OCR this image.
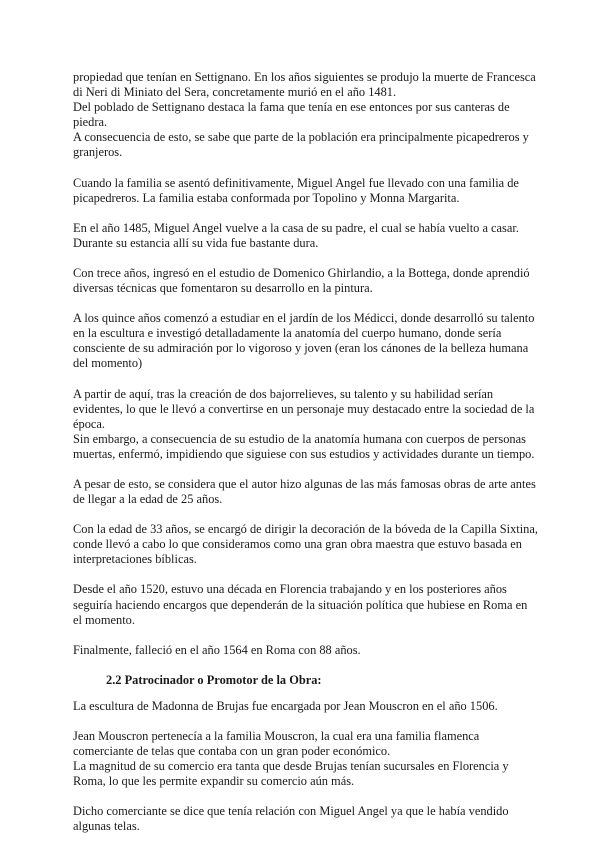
propiedad que tenían en Settignano. En los años siguientes se produjo la muerte de Francesca
di Neri di Miniato del Sera, concretamente murió en el año 1481.
Del poblado de Settignano destaca la fama que tenía en ese entonces por sus canteras de
piedra.
A consecuencia de esto, se sabe que parte de la población era principalmente picapedreros y
granjeros.
Cuando la familia se asentó definitivamente, Miguel Angel fue llevado con una familia de
picapedreros. La familia estaba conformada por Topolino y Monna Margarita.
En el año 1485, Miguel Angel vuelve a la casa de su padre, el cual se había vuelto a casar.
Durante su estancia allí su vida fue bastante dura.
Con trece años, ingresó en el estudio de Domenico Ghirlandio, a la Bottega, donde aprendió
diversas técnicas que fomentaron su desarrollo en la pintura.
A los quince años comenzó a estudiar en el jardín de los Médicci, donde desarrolló su talento
en la escultura e investigó detalladamente la anatomía del cuerpo humano, donde sería
consciente de su admiración por lo vigoroso y joven (eran los cánones de la belleza humana
del momento)
A partir de aquí, tras la creación de dos bajorrelieves, su talento y su habilidad serían
evidentes, lo que le llevó a convertirse en un personaje muy destacado entre la sociedad de la
época.
Sin embargo, a consecuencia de su estudio de la anatomía humana con cuerpos de personas
muertas, enfermó, impidiendo que siguiese con sus estudios y actividades durante un tiempo.
A pesar de esto, se considera que el autor hizo algunas de las más famosas obras de arte antes
de llegar a la edad de 25 años.
Con la edad de 33 años, se encargó de dirigir la decoración de la bóveda de la Capilla Sixtina,
conde llevó a cabo lo que consideramos como una gran obra maestra que estuvo basada en
interpretaciones bíblicas.
Desde el año 1520, estuvo una década en Florencia trabajando y en los posteriores años
seguiría haciendo encargos que dependerán de la situación política que hubiese en Roma en
el momento.
Finalmente, falleció en el año 1564 en Roma con 88 años.
2.2 Patrocinador o Promotor de la Obra:
La escultura de Madonna de Brujas fue encargada por Jean Mouscron en el año 1506.
Jean Mouscron pertenecía a la familia Mouscron, la cual era una familia flamenca
comerciante de telas que contaba con un gran poder económico.
La magnitud de su comercio era tanta que desde Brujas tenían sucursales en Florencia y
Roma, lo que les permite expandir su comercio aún más.
Dicho comerciante se dice que tenía relación con Miguel Angel ya que le había vendido
algunas telas.
